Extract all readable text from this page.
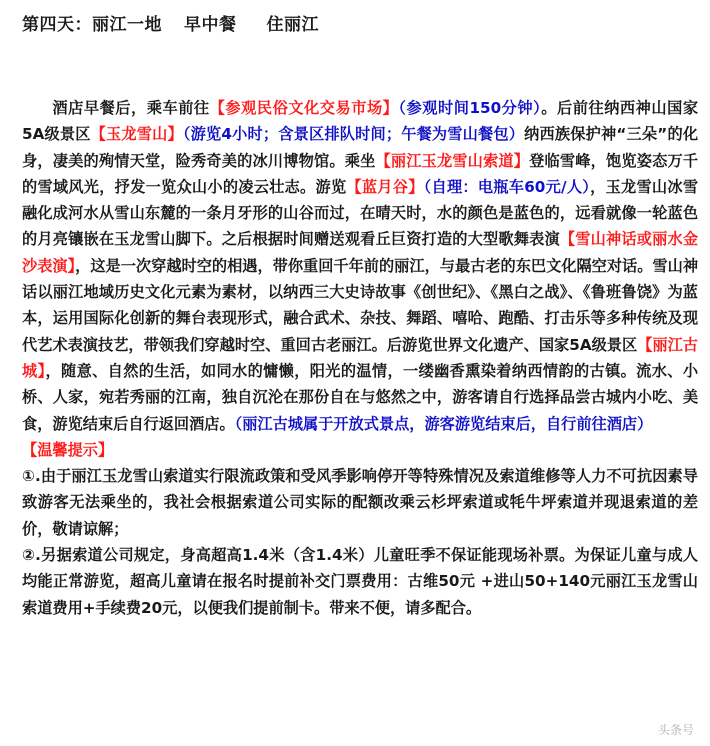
第四天：丽江一地 早中餐 住丽江
酒店早餐后，乘车前往【参观民俗文化交易市场】（参观时间150分钟）。后前往纳西神山国家5A级景区【玉龙雪山】（游览4小时；含景区排队时间；午餐为雪山餐包）纳西族保护神“三朵”的化身，凄美的殉情天堂，险秀奇美的冰川博物馆。乘坐【丽江玉龙雪山索道】登临雪峰，饱览姿态万千的雪域风光，抒发一览众山小的凌云壮志。游览【蓝月谷】（自理：电瓶车60元/人），玉龙雪山冰雪融化成河水从雪山东麓的一条月牙形的山谷而过，在晴天时，水的颜色是蓝色的，远看就像一轮蓝色的月亮镶嵌在玉龙雪山脚下。之后根据时间赠送观看丘巨资打造的大型歌舞表演【雪山神话或丽水金沙表演】，这是一次穿越时空的相遇，带你重回千年前的丽江，与最古老的东巴文化隔空对话。雪山神话以丽江地域历史文化元素为素材，以纳西三大史诗故事《创世纪》、《黑白之战》、《鲁班鲁饶》为蓝本，运用国际化创新的舞台表现形式，融合武术、杂技、舞蹈、嘻哈、跑酷、打击乐等多种传统及现代艺术表演技艺，带领我们穿越时空、重回古老丽江。后游览世界文化遗产、国家5A级景区【丽江古城】，随意、自然的生活，如同水的慵懒，阳光的温情，一缕幽香熏染着纳西情韵的古镇。流水、小桥、人家，宛若秀丽的江南，独自沉沦在那份自在与悠然之中，游客请自行选择品尝古城内小吃、美食，游览结束后自行返回酒店。（丽江古城属于开放式景点，游客游览结束后，自行前往酒店）
【温馨提示】
①.由于丽江玉龙雪山索道实行限流政策和受风季影响停开等特殊情况及索道维修等人力不可抗因素导致游客无法乘坐的，我社会根据索道公司实际的配额改乘云杉坪索道或牦牛坪索道并现退索道的差价，敬请谅解；
②.另据索道公司规定，身高超高1.4米（含1.4米）儿童旺季不保证能现场补票。为保证儿童与成人均能正常游览，超高儿童请在报名时提前补交门票费用：古维50元 +进山50+140元丽江玉龙雪山索道费用+手续费20元，以便我们提前制卡。带来不便，请多配合。
头条号
